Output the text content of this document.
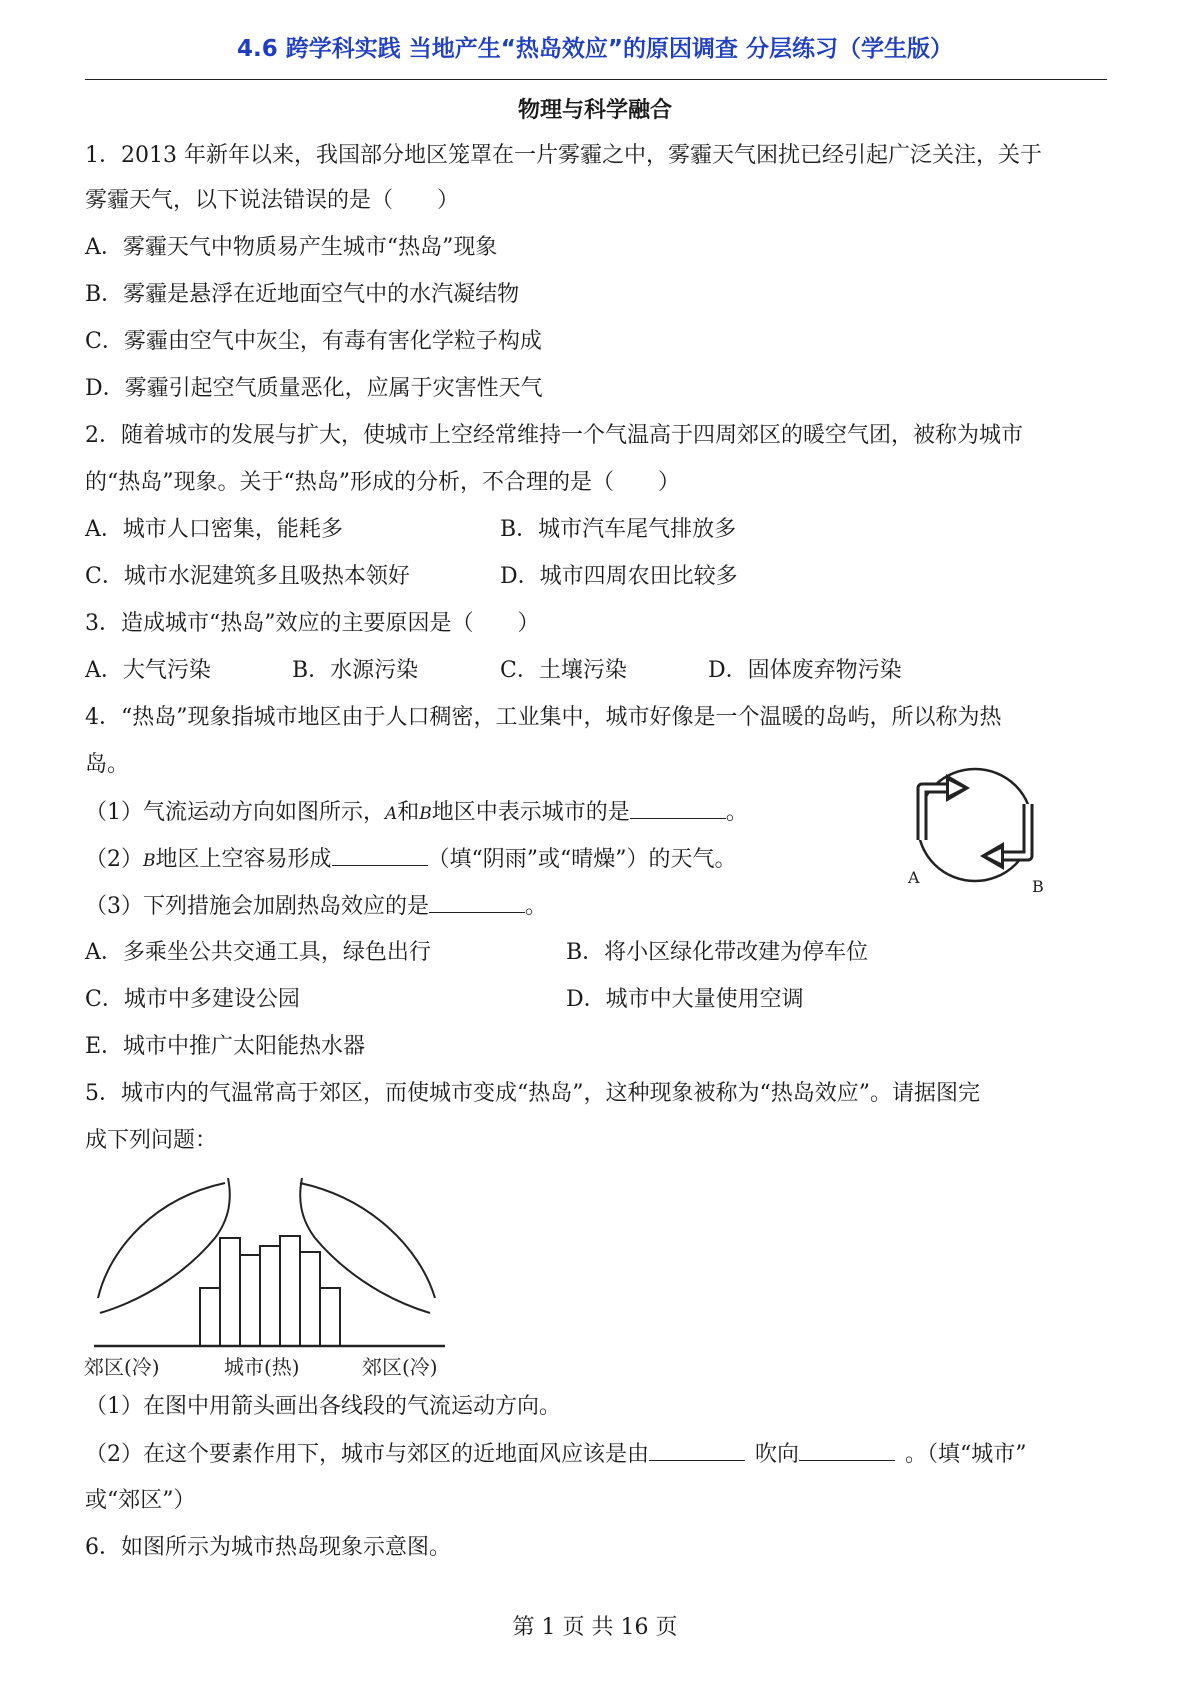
4.6 跨学科实践 当地产生“热岛效应”的原因调查 分层练习（学生版）
物理与科学融合
1．2013 年新年以来，我国部分地区笼罩在一片雾霾之中，雾霾天气困扰已经引起广泛关注，关于
雾霾天气，以下说法错误的是（　　）
A．雾霾天气中物质易产生城市“热岛”现象
B．雾霾是悬浮在近地面空气中的水汽凝结物
C．雾霾由空气中灰尘，有毒有害化学粒子构成
D．雾霾引起空气质量恶化，应属于灾害性天气
2．随着城市的发展与扩大，使城市上空经常维持一个气温高于四周郊区的暖空气团，被称为城市
的“热岛”现象。关于“热岛”形成的分析，不合理的是（　　）
A．城市人口密集，能耗多	B．城市汽车尾气排放多
C．城市水泥建筑多且吸热本领好	D．城市四周农田比较多
3．造成城市“热岛”效应的主要原因是（　　）
A．大气污染	B．水源污染	C．土壤污染	D．固体废弃物污染
4．“热岛”现象指城市地区由于人口稠密，工业集中，城市好像是一个温暖的岛屿，所以称为热
岛。
（1）气流运动方向如图所示，A和B地区中表示城市的是	。
（2）B地区上空容易形成	（填“阴雨”或“晴燥”）的天气。
（3）下列措施会加剧热岛效应的是	。
A．多乘坐公共交通工具，绿色出行	B．将小区绿化带改建为停车位
C．城市中多建设公园	D．城市中大量使用空调
E．城市中推广太阳能热水器
A	B
5．城市内的气温常高于郊区，而使城市变成“热岛”，这种现象被称为“热岛效应”。请据图完
成下列问题：
郊区(冷)	城市(热)	郊区(冷)
（1）在图中用箭头画出各线段的气流运动方向。
（2）在这个要素作用下，城市与郊区的近地面风应该是由	吹向	。（填“城市”
或“郊区”）
6．如图所示为城市热岛现象示意图。
第 1 页 共 16 页
